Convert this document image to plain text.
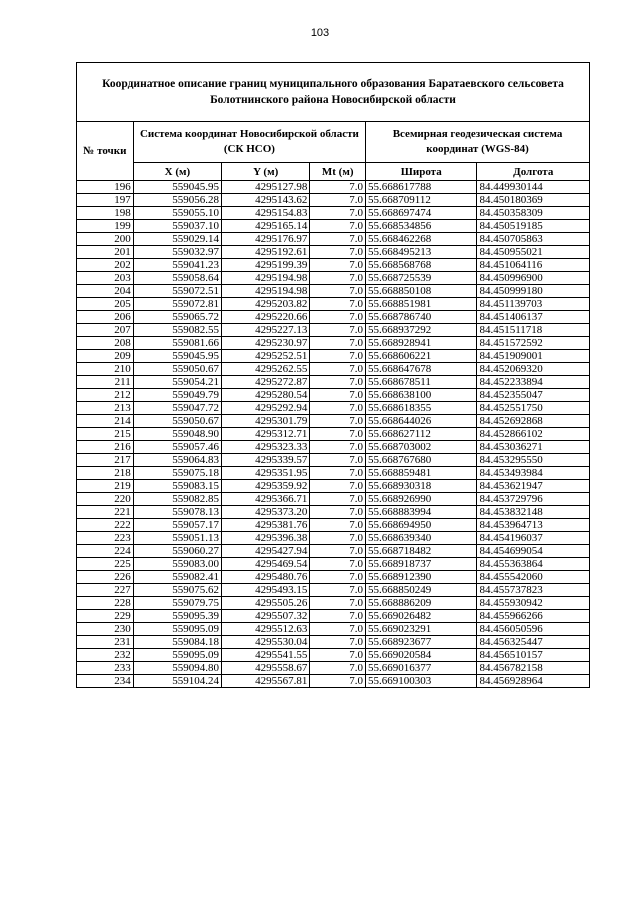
103
Координатное описание границ муниципального образования Баратаевского сельсовета Болотнинского района Новосибирской области					
№ точки	Система координат Новосибирской области (СК НСО)			Всемирная геодезическая система координат (WGS-84)	
	X (м)	Y (м)	Mt (м)	Широта	Долгота
196	559045.95	4295127.98	7.0	55.668617788	84.449930144
197	559056.28	4295143.62	7.0	55.668709112	84.450180369
198	559055.10	4295154.83	7.0	55.668697474	84.450358309
199	559037.10	4295165.14	7.0	55.668534856	84.450519185
200	559029.14	4295176.97	7.0	55.668462268	84.450705863
201	559032.97	4295192.61	7.0	55.668495213	84.450955021
202	559041.23	4295199.39	7.0	55.668568768	84.451064116
203	559058.64	4295194.98	7.0	55.668725539	84.450996900
204	559072.51	4295194.98	7.0	55.668850108	84.450999180
205	559072.81	4295203.82	7.0	55.668851981	84.451139703
206	559065.72	4295220.66	7.0	55.668786740	84.451406137
207	559082.55	4295227.13	7.0	55.668937292	84.451511718
208	559081.66	4295230.97	7.0	55.668928941	84.451572592
209	559045.95	4295252.51	7.0	55.668606221	84.451909001
210	559050.67	4295262.55	7.0	55.668647678	84.452069320
211	559054.21	4295272.87	7.0	55.668678511	84.452233894
212	559049.79	4295280.54	7.0	55.668638100	84.452355047
213	559047.72	4295292.94	7.0	55.668618355	84.452551750
214	559050.67	4295301.79	7.0	55.668644026	84.452692868
215	559048.90	4295312.71	7.0	55.668627112	84.452866102
216	559057.46	4295323.33	7.0	55.668703002	84.453036271
217	559064.83	4295339.57	7.0	55.668767680	84.453295550
218	559075.18	4295351.95	7.0	55.668859481	84.453493984
219	559083.15	4295359.92	7.0	55.668930318	84.453621947
220	559082.85	4295366.71	7.0	55.668926990	84.453729796
221	559078.13	4295373.20	7.0	55.668883994	84.453832148
222	559057.17	4295381.76	7.0	55.668694950	84.453964713
223	559051.13	4295396.38	7.0	55.668639340	84.454196037
224	559060.27	4295427.94	7.0	55.668718482	84.454699054
225	559083.00	4295469.54	7.0	55.668918737	84.455363864
226	559082.41	4295480.76	7.0	55.668912390	84.455542060
227	559075.62	4295493.15	7.0	55.668850249	84.455737823
228	559079.75	4295505.26	7.0	55.668886209	84.455930942
229	559095.39	4295507.32	7.0	55.669026482	84.455966266
230	559095.09	4295512.63	7.0	55.669023291	84.456050596
231	559084.18	4295530.04	7.0	55.668923677	84.456325447
232	559095.09	4295541.55	7.0	55.669020584	84.456510157
233	559094.80	4295558.67	7.0	55.669016377	84.456782158
234	559104.24	4295567.81	7.0	55.669100303	84.456928964
